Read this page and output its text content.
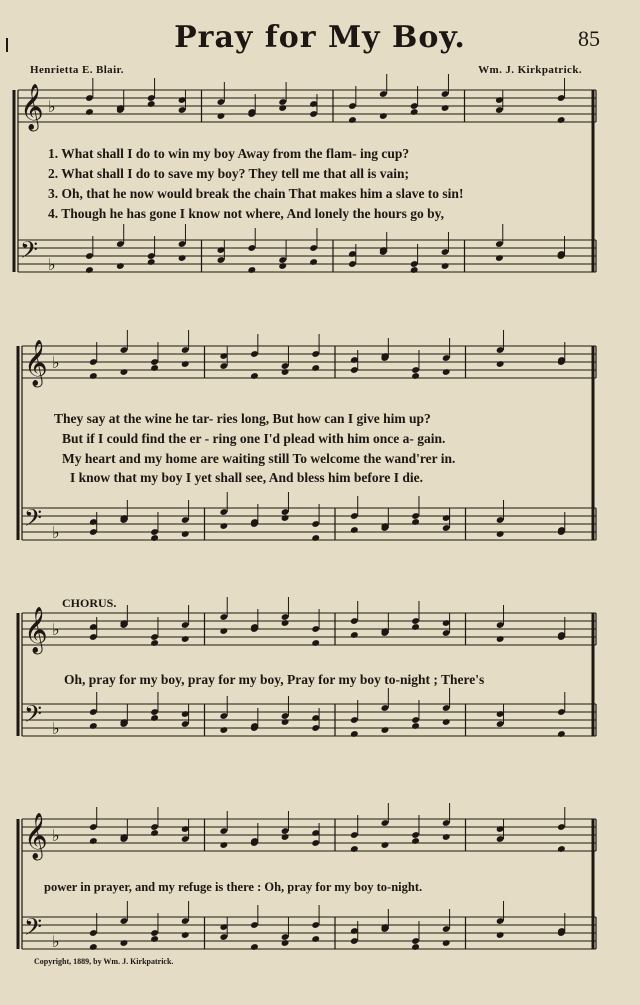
Pray for My Boy.	85
Henrietta E. Blair.	Wm. J. Kirkpatrick.
𝄞 ♭
𝄢 ♭
𝄞 ♭
𝄢 ♭
𝄞 ♭
𝄢 ♭
𝄞 ♭
𝄢 ♭
1. What shall I do to win my boy Away from the flam- ing cup?
2. What shall I do to save my boy? They tell me that all is vain;
3. Oh, that he now would break the chain That makes him a slave to sin!
4. Though he has gone I know not where, And lonely the hours go by,
They say at the wine he tar- ries long, But how can I give him up?
But if I could find the er - ring one I'd plead with him once a- gain.
My heart and my home are waiting still To welcome the wand'rer in.
I know that my boy I yet shall see, And bless him before I die.
CHORUS.
Oh, pray for my boy, pray for my boy, Pray for my boy to-night ; There's
power in prayer, and my refuge is there : Oh, pray for my boy to-night.
Copyright, 1889, by Wm. J. Kirkpatrick.
